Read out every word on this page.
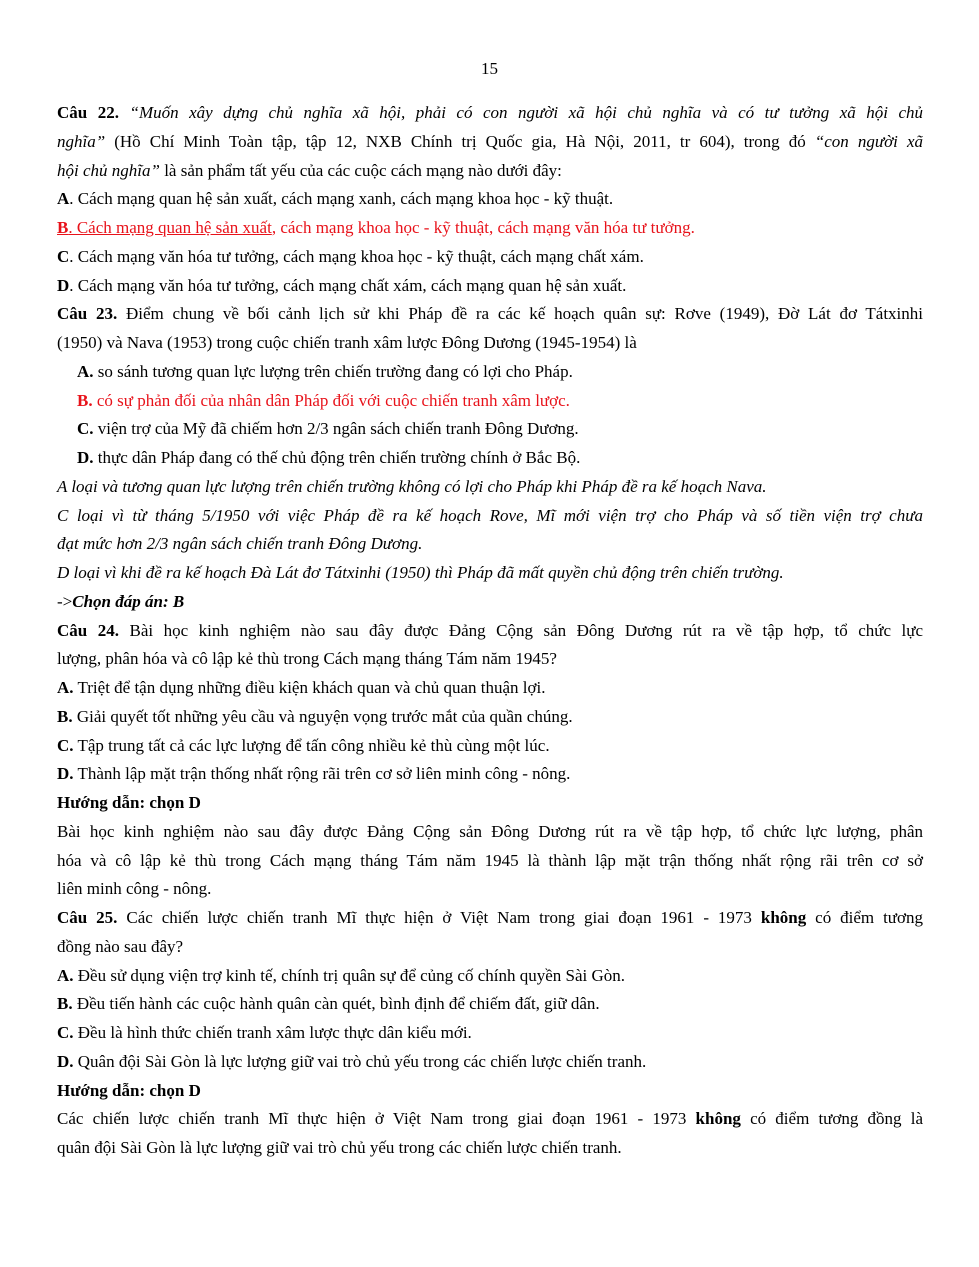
15
Câu 22. “Muốn xây dựng chủ nghĩa xã hội, phải có con người xã hội chủ nghĩa và có tư tưởng xã hội chủ
nghĩa” (Hồ Chí Minh Toàn tập, tập 12, NXB Chính trị Quốc gia, Hà Nội, 2011, tr 604), trong đó “con người xã
hội chủ nghĩa” là sản phẩm tất yếu của các cuộc cách mạng nào dưới đây:
A. Cách mạng quan hệ sản xuất, cách mạng xanh, cách mạng khoa học - kỹ thuật.
B. Cách mạng quan hệ sản xuất, cách mạng khoa học - kỹ thuật, cách mạng văn hóa tư tưởng.
C. Cách mạng văn hóa tư tưởng, cách mạng khoa học - kỹ thuật, cách mạng chất xám.
D. Cách mạng văn hóa tư tưởng, cách mạng chất xám, cách mạng quan hệ sản xuất.
Câu 23. Điểm chung về bối cảnh lịch sử khi Pháp đề ra các kế hoạch quân sự: Rơve (1949), Đờ Lát đơ Tátxinhi
(1950) và Nava (1953) trong cuộc chiến tranh xâm lược Đông Dương (1945-1954) là
A. so sánh tương quan lực lượng trên chiến trường đang có lợi cho Pháp.
B. có sự phản đối của nhân dân Pháp đối với cuộc chiến tranh xâm lược.
C. viện trợ của Mỹ đã chiếm hơn 2/3 ngân sách chiến tranh Đông Dương.
D. thực dân Pháp đang có thế chủ động trên chiến trường chính ở Bắc Bộ.
A loại và tương quan lực lượng trên chiến trường không có lợi cho Pháp khi Pháp đề ra kế hoạch Nava.
C loại vì từ tháng 5/1950 với việc Pháp đề ra kế hoạch Rove, Mĩ mới viện trợ cho Pháp và số tiền viện trợ chưa
đạt mức hơn 2/3 ngân sách chiến tranh Đông Dương.
D loại vì khi đề ra kế hoạch Đà Lát đơ Tátxinhi (1950) thì Pháp đã mất quyền chủ động trên chiến trường.
->Chọn đáp án: B
Câu 24. Bài học kinh nghiệm nào sau đây được Đảng Cộng sản Đông Dương rút ra về tập hợp, tổ chức lực
lượng, phân hóa và cô lập kẻ thù trong Cách mạng tháng Tám năm 1945?
A. Triệt để tận dụng những điều kiện khách quan và chủ quan thuận lợi.
B. Giải quyết tốt những yêu cầu và nguyện vọng trước mắt của quần chúng.
C. Tập trung tất cả các lực lượng để tấn công nhiều kẻ thù cùng một lúc.
D. Thành lập mặt trận thống nhất rộng rãi trên cơ sở liên minh công - nông.
Hướng dẫn: chọn D
Bài học kinh nghiệm nào sau đây được Đảng Cộng sản Đông Dương rút ra về tập hợp, tổ chức lực lượng, phân
hóa và cô lập kẻ thù trong Cách mạng tháng Tám năm 1945 là thành lập mặt trận thống nhất rộng rãi trên cơ sở
liên minh công - nông.
Câu 25. Các chiến lược chiến tranh Mĩ thực hiện ở Việt Nam trong giai đoạn 1961 - 1973 không có điểm tương
đồng nào sau đây?
A. Đều sử dụng viện trợ kinh tế, chính trị quân sự để củng cố chính quyền Sài Gòn.
B. Đều tiến hành các cuộc hành quân càn quét, bình định để chiếm đất, giữ dân.
C. Đều là hình thức chiến tranh xâm lược thực dân kiểu mới.
D. Quân đội Sài Gòn là lực lượng giữ vai trò chủ yếu trong các chiến lược chiến tranh.
Hướng dẫn: chọn D
Các chiến lược chiến tranh Mĩ thực hiện ở Việt Nam trong giai đoạn 1961 - 1973 không có điểm tương đồng là
quân đội Sài Gòn là lực lượng giữ vai trò chủ yếu trong các chiến lược chiến tranh.
